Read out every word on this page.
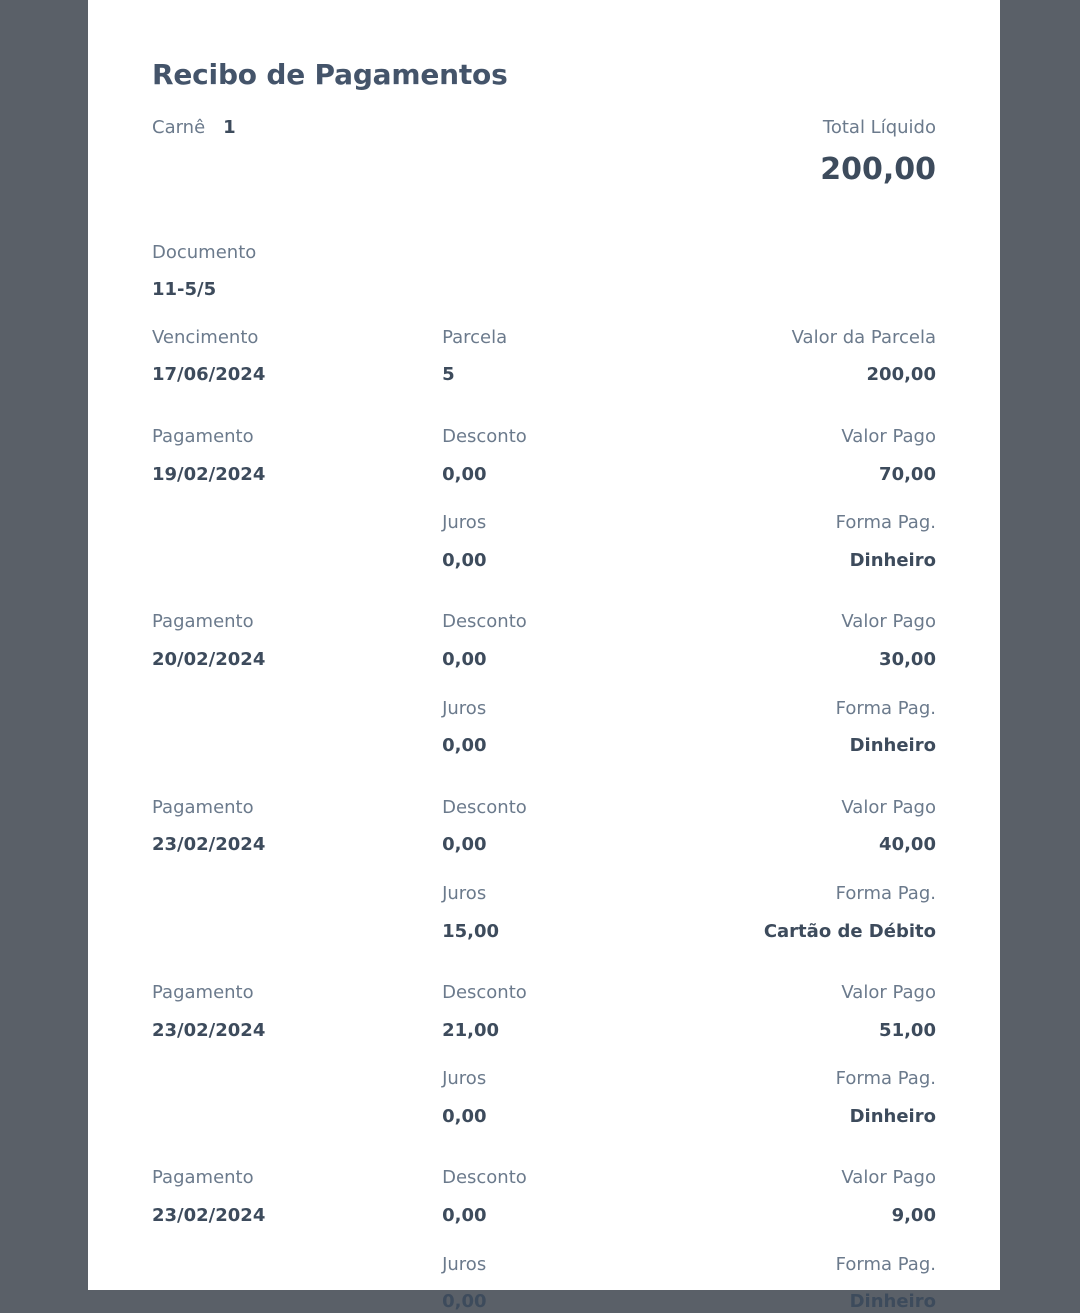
Recibo de Pagamentos
Carnê 1	Total Líquido
200,00
Documento
11-5/5
Vencimento	Parcela	Valor da Parcela
17/06/2024	5	200,00
Pagamento	Desconto	Valor Pago
19/02/2024	0,00	70,00
Juros	Forma Pag.
0,00	Dinheiro
Pagamento	Desconto	Valor Pago
20/02/2024	0,00	30,00
Juros	Forma Pag.
0,00	Dinheiro
Pagamento	Desconto	Valor Pago
23/02/2024	0,00	40,00
Juros	Forma Pag.
15,00	Cartão de Débito
Pagamento	Desconto	Valor Pago
23/02/2024	21,00	51,00
Juros	Forma Pag.
0,00	Dinheiro
Pagamento	Desconto	Valor Pago
23/02/2024	0,00	9,00
Juros	Forma Pag.
0,00	Dinheiro
